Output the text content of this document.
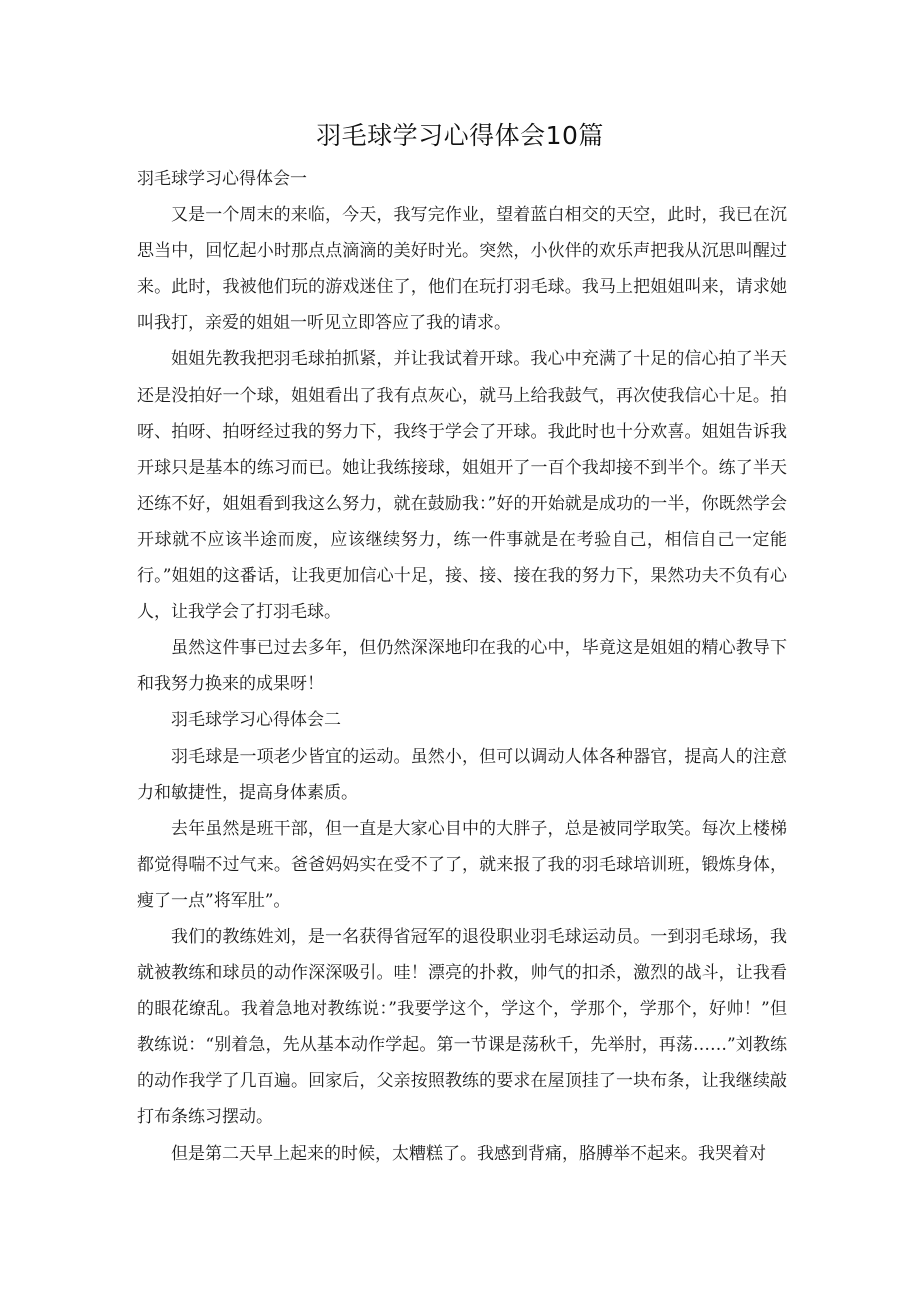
羽毛球学习心得体会10篇

羽毛球学习心得体会一

又是一个周末的来临，今天，我写完作业，望着蓝白相交的天空，此时，我已在沉思当中，回忆起小时那点点滴滴的美好时光。突然，小伙伴的欢乐声把我从沉思叫醒过来。此时，我被他们玩的游戏迷住了，他们在玩打羽毛球。我马上把姐姐叫来，请求她叫我打，亲爱的姐姐一听见立即答应了我的请求。

姐姐先教我把羽毛球拍抓紧，并让我试着开球。我心中充满了十足的信心拍了半天还是没拍好一个球，姐姐看出了我有点灰心，就马上给我鼓气，再次使我信心十足。拍呀、拍呀、拍呀经过我的努力下，我终于学会了开球。我此时也十分欢喜。姐姐告诉我开球只是基本的练习而已。她让我练接球，姐姐开了一百个我却接不到半个。练了半天还练不好，姐姐看到我这么努力，就在鼓励我：”好的开始就是成功的一半，你既然学会开球就不应该半途而废，应该继续努力，练一件事就是在考验自己，相信自己一定能行。”姐姐的这番话，让我更加信心十足，接、接、接在我的努力下，果然功夫不负有心人，让我学会了打羽毛球。

虽然这件事已过去多年，但仍然深深地印在我的心中，毕竟这是姐姐的精心教导下和我努力换来的成果呀！

羽毛球学习心得体会二

羽毛球是一项老少皆宜的运动。虽然小，但可以调动人体各种器官，提高人的注意力和敏捷性，提高身体素质。

去年虽然是班干部，但一直是大家心目中的大胖子，总是被同学取笑。每次上楼梯都觉得喘不过气来。爸爸妈妈实在受不了了，就来报了我的羽毛球培训班，锻炼身体，瘦了一点”将军肚”。

我们的教练姓刘，是一名获得省冠军的退役职业羽毛球运动员。一到羽毛球场，我就被教练和球员的动作深深吸引。哇！漂亮的扑救，帅气的扣杀，激烈的战斗，让我看的眼花缭乱。我着急地对教练说：”我要学这个，学这个，学那个，学那个，好帅！”但教练说：“别着急，先从基本动作学起。第一节课是荡秋千，先举肘，再荡……”刘教练的动作我学了几百遍。回家后，父亲按照教练的要求在屋顶挂了一块布条，让我继续敲打布条练习摆动。

但是第二天早上起来的时候，太糟糕了。我感到背痛，胳膊举不起来。我哭着对
